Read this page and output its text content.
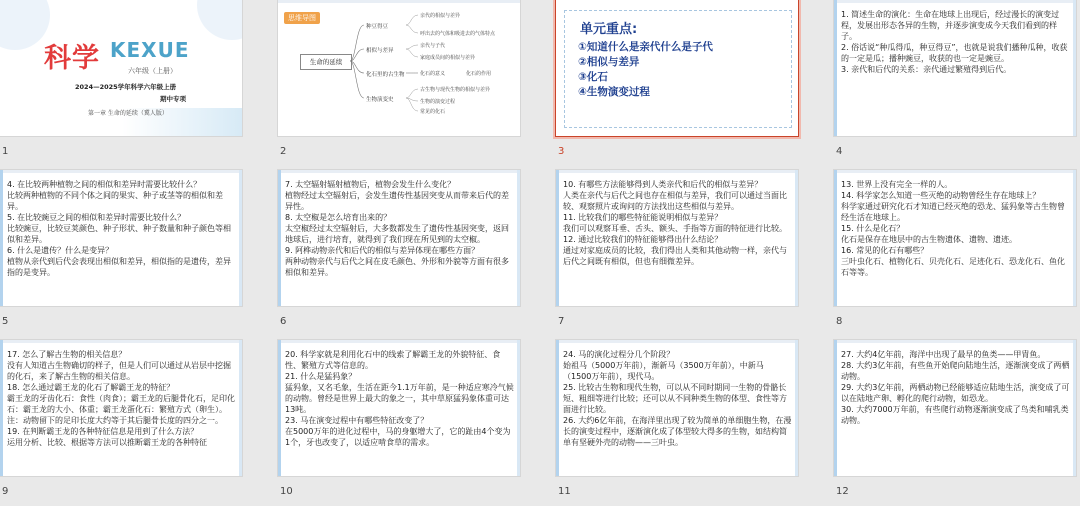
科学 KEXUE
六年级（上册）
2024—2025学年科学六年级上册
期中专项
第一章 生命的延续（冀人版）
1
思维导图
生命的延续
种豆得豆
亲代的相似与差异
呼出去的气体和吸进去的气体特点
相似与差异
亲代与子代
家庭成员间的相似与差异
化石里的古生物	化石的意义	化石的作用
生物演变史
古生物与现代生物的相似与差异
生物的演变过程
常见的化石
2
单元重点:
①知道什么是亲代什么是子代
②相似与差异
③化石
④生物演变过程
3

1. 简述生命的演化：生命在地球上出现后，经过漫长的演变过程，发展出形态各异的生物，并逐步演变成今天我们看到的样子。

2. 俗话说“种瓜得瓜，种豆得豆”，也就是说我们播种瓜种，收获的一定是瓜；播种豌豆，收获的也一定是豌豆。

3. 亲代和后代的关系：亲代通过繁殖得到后代。

4

4. 在比较两种植物之间的相似和差异时需要比较什么？

比较两种植物的不同个体之间的果实、种子或茎等的相似和差异。

5. 在比较豌豆之间的相似和差异时需要比较什么？

比较豌豆，比较豆荚颜色、种子形状、种子数量和种子颜色等相似和差异。

6. 什么是遗传？什么是变异？

植物从亲代到后代会表现出相似和差异，相似指的是遗传，差异指的是变异。

5

7. 太空辐射辐射植物后，植物会发生什么变化？

植物经过太空辐射后，会发生遗传性基因突变从而带来后代的差异性。

8. 太空椒是怎么培育出来的？

太空椒经过太空辐射后，大多数都发生了遗传性基因突变，返回地球后，进行培育，就得到了我们现在所见到的太空椒。

9. 阿桦动物亲代和后代的相似与差异体现在哪些方面？

两种动物亲代与后代之间在皮毛颜色、外形和外貌等方面有很多相似和差异。

6

10. 有哪些方法能够得到人类亲代和后代的相似与差异？

人类在亲代与后代之间也存在相似与差异，我们可以通过当面比较、观察照片或询问的方法找出这些相似与差异。

11. 比较我们的哪些特征能说明相似与差异？

我们可以观察耳垂、舌头、额头、手指等方面的特征进行比较。

12. 通过比较我们的特征能够得出什么结论？

通过对家庭成员的比较，我们得出人类和其他动物一样，亲代与后代之间既有相似，但也有细微差异。

7

13. 世界上没有完全一样的人。

14. 科学家怎么知道一些灭绝的动物曾经生存在地球上？

科学家通过研究化石才知道已经灭绝的恐龙、猛犸象等古生物曾经生活在地球上。

15. 什么是化石？

化石是保存在地层中的古生物遗体、遗物、遗迹。

16. 常见的化石有哪些？

三叶虫化石、植物化石、贝壳化石、足迹化石、恐龙化石、鱼化石等等。

8

17. 怎么了解古生物的相关信息？

没有人知道古生物确切的样子，但是人们可以通过从岩层中挖掘的化石，来了解古生物的相关信息。

18. 怎么通过霸王龙的化石了解霸王龙的特征？

霸王龙的牙齿化石：食性（肉食）；霸王龙的后腿骨化石，足印化石：霸王龙的大小、体重；霸王龙蛋化石：繁殖方式（卵生）。注：动物留下的足印长度大约等于其后腿骨长度的四分之一。

19. 在判断霸王龙的各种特征信息是用到了什么方法？

运用分析、比较、根据等方法可以推断霸王龙的各种特征

9

20. 科学家就是利用化石中的线索了解霸王龙的外貌特征、食性、繁殖方式等信息的。

21. 什么是猛犸象？

猛犸象，又名毛象，生活在距今1.1万年前，是一种适应寒冷气候的动物。曾经是世界上最大的象之一，其中草原猛犸象体重可达13吨。

23. 马在演变过程中有哪些特征改变了？

在5000万年的进化过程中，马的身躯增大了，它的趾由4个变为1个，牙也改变了，以适应啃食草的需求。

10

24. 马的演化过程分几个阶段？

始祖马（5000万年前），渐新马（3500万年前），中新马（1500万年前），现代马。

25. 比较古生物和现代生物，可以从不同时期同一生物的骨骼长短、粗细等进行比较；还可以从不同种类生物的体型、食性等方面进行比较。

26. 大约6亿年前，在海洋里出现了较为简单的单细胞生物，在漫长的演变过程中，逐渐演化成了体型较大得多的生物，如结构简单有坚硬外壳的动物——三叶虫。

11

27. 大约4亿年前，海洋中出现了最早的鱼类——甲胄鱼。

28. 大约3亿年前，有些鱼开始爬向陆地生活，逐渐演变成了两栖动物。

29. 大约3亿年前，两栖动物已经能够适应陆地生活，演变成了可以在陆地产卵、孵化的爬行动物，如恐龙。

30. 大约7000万年前，有些爬行动物逐渐演变成了鸟类和哺乳类动物。

12
